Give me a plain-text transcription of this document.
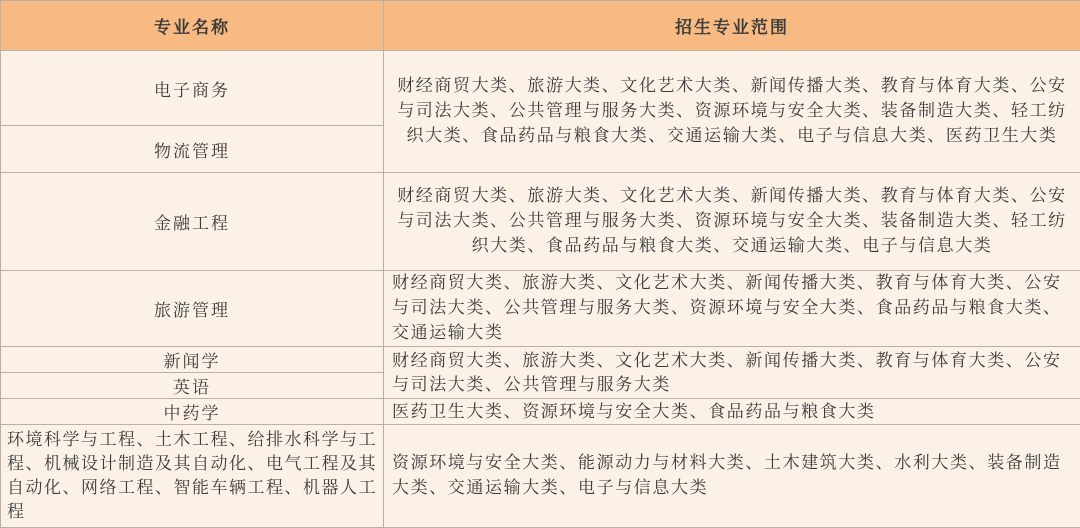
专业名称	招生专业范围
电子商务	财经商贸大类、旅游大类、文化艺术大类、新闻传播大类、教育与体育大类、公安与司法大类、公共管理与服务大类、资源环境与安全大类、装备制造大类、轻工纺织大类、食品药品与粮食大类、交通运输大类、电子与信息大类、医药卫生大类
物流管理	
金融工程	财经商贸大类、旅游大类、文化艺术大类、新闻传播大类、教育与体育大类、公安与司法大类、公共管理与服务大类、资源环境与安全大类、装备制造大类、轻工纺织大类、食品药品与粮食大类、交通运输大类、电子与信息大类
旅游管理	财经商贸大类、旅游大类、文化艺术大类、新闻传播大类、教育与体育大类、公安与司法大类、公共管理与服务大类、资源环境与安全大类、食品药品与粮食大类、交通运输大类
新闻学	财经商贸大类、旅游大类、文化艺术大类、新闻传播大类、教育与体育大类、公安与司法大类、公共管理与服务大类
英语	
中药学	医药卫生大类、资源环境与安全大类、食品药品与粮食大类
环境科学与工程、土木工程、给排水科学与工程、机械设计制造及其自动化、电气工程及其自动化、网络工程、智能车辆工程、机器人工程	资源环境与安全大类、能源动力与材料大类、土木建筑大类、水利大类、装备制造大类、交通运输大类、电子与信息大类
